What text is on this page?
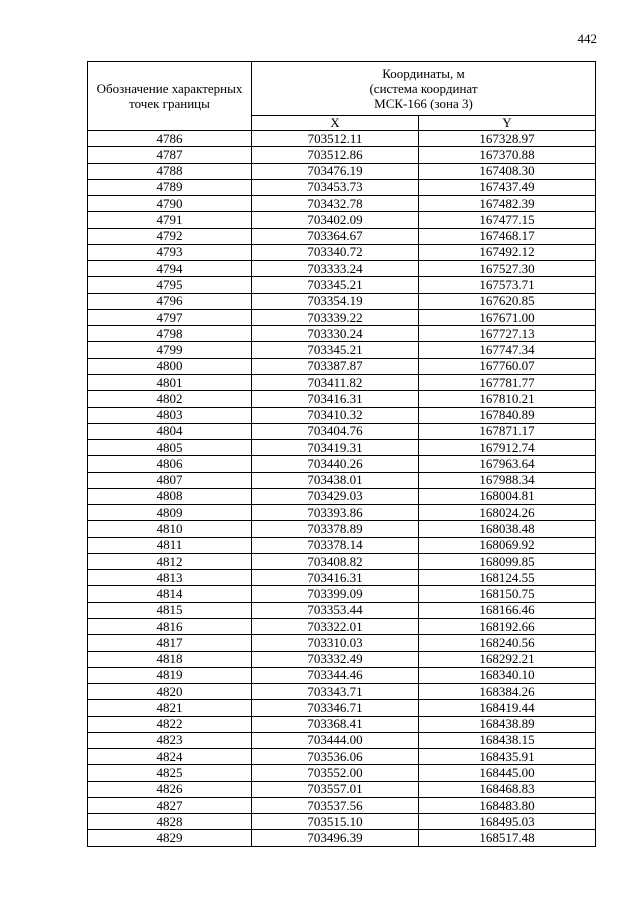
442
Обозначение характерных точек границы	Координаты, м
(система координат
МСК-166 (зона 3)	

	X	Y
4786	703512.11	167328.97
4787	703512.86	167370.88
4788	703476.19	167408.30
4789	703453.73	167437.49
4790	703432.78	167482.39
4791	703402.09	167477.15
4792	703364.67	167468.17
4793	703340.72	167492.12
4794	703333.24	167527.30
4795	703345.21	167573.71
4796	703354.19	167620.85
4797	703339.22	167671.00
4798	703330.24	167727.13
4799	703345.21	167747.34
4800	703387.87	167760.07
4801	703411.82	167781.77
4802	703416.31	167810.21
4803	703410.32	167840.89
4804	703404.76	167871.17
4805	703419.31	167912.74
4806	703440.26	167963.64
4807	703438.01	167988.34
4808	703429.03	168004.81
4809	703393.86	168024.26
4810	703378.89	168038.48
4811	703378.14	168069.92
4812	703408.82	168099.85
4813	703416.31	168124.55
4814	703399.09	168150.75
4815	703353.44	168166.46
4816	703322.01	168192.66
4817	703310.03	168240.56
4818	703332.49	168292.21
4819	703344.46	168340.10
4820	703343.71	168384.26
4821	703346.71	168419.44
4822	703368.41	168438.89
4823	703444.00	168438.15
4824	703536.06	168435.91
4825	703552.00	168445.00
4826	703557.01	168468.83
4827	703537.56	168483.80
4828	703515.10	168495.03
4829	703496.39	168517.48
